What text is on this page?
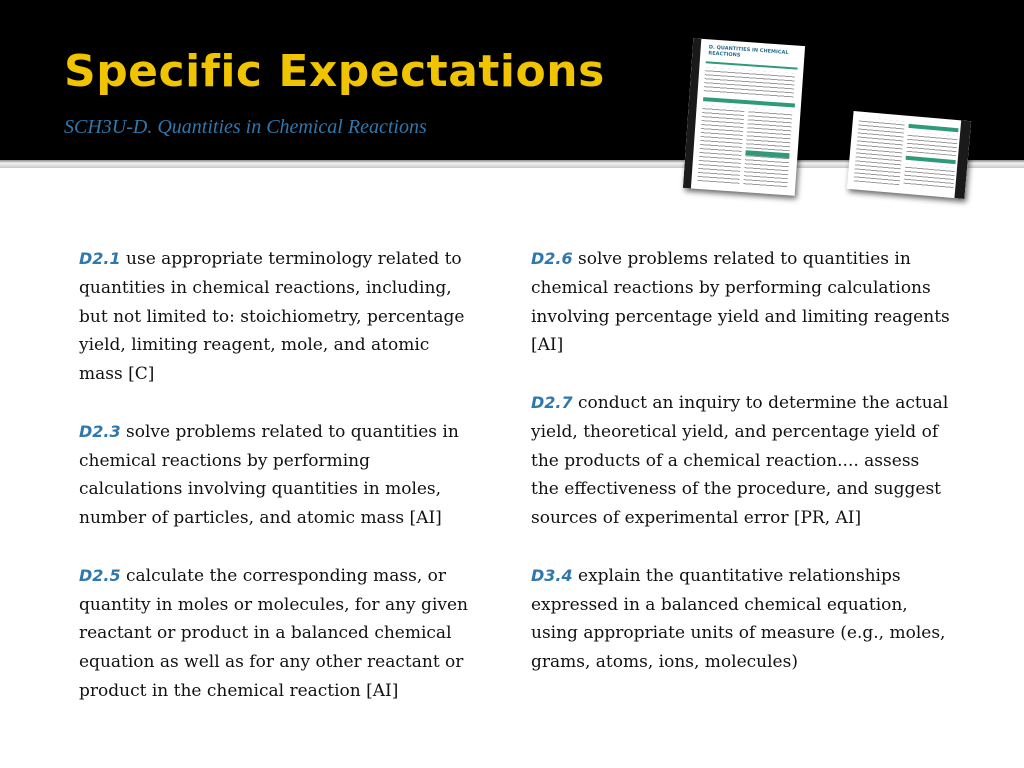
Specific Expectations

SCH3U-D. Quantities in Chemical Reactions

D. QUANTITIES IN CHEMICAL REACTIONS

D2.1 use appropriate terminology related to quantities in chemical reactions, including, but not limited to: stoichiometry, percentage yield, limiting reagent, mole, and atomic mass [C]

D2.3 solve problems related to quantities in chemical reactions by performing calculations involving quantities in moles, number of particles, and atomic mass [AI]

D2.5 calculate the corresponding mass, or quantity in moles or molecules, for any given reactant or product in a balanced chemical equation as well as for any other reactant or product in the chemical reaction [AI]

D2.6 solve problems related to quantities in chemical reactions by performing calculations involving percentage yield and limiting reagents [AI]

D2.7 conduct an inquiry to determine the actual yield, theoretical yield, and percentage yield of the products of a chemical reaction.... assess the effectiveness of the procedure, and suggest sources of experimental error [PR, AI]

D3.4 explain the quantitative relationships expressed in a balanced chemical equation, using appropriate units of measure (e.g., moles, grams, atoms, ions, molecules)
